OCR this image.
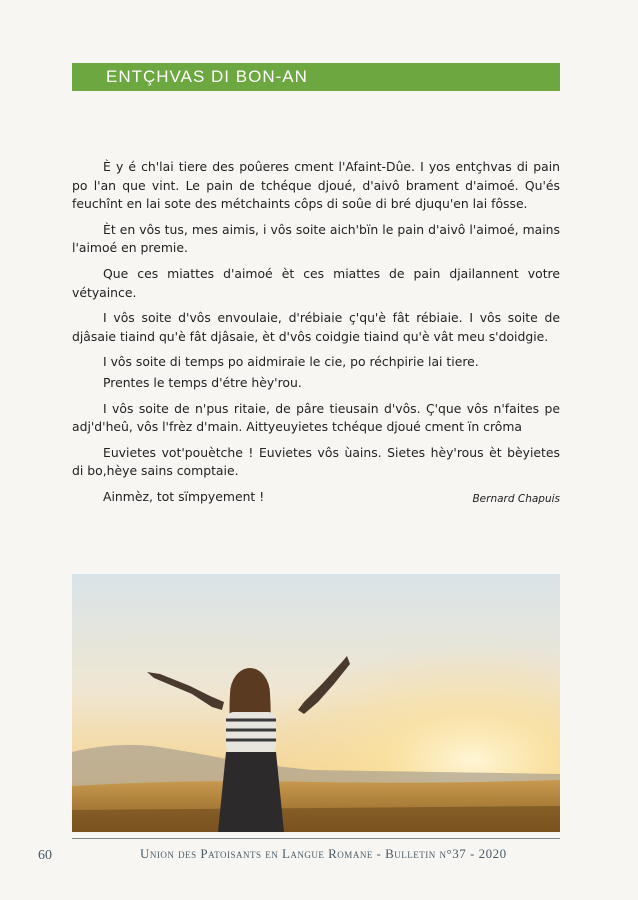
ENTÇHVAS DI BON-AN

È y é ch'lai tiere des poûeres cment l'Afaint-Dûe. I yos entçhvas di pain po l'an que vint. Le pain de tchéque djoué, d'aivô brament d'aimoé. Qu'és feuchînt en lai sote des métchaints côps di soûe di bré djuqu'en lai fôsse.

Èt en vôs tus, mes aimis, i vôs soite aich'bïn le pain d'aivô l'aimoé, mains l'aimoé en premie.

Que ces miattes d'aimoé èt ces miattes de pain djailannent votre vétyaince.

I vôs soite d'vôs envoulaie, d'rébiaie ç'qu'è fât rébiaie. I vôs soite de djâsaie tiaind qu'è fât djâsaie, èt d'vôs coidgie tiaind qu'è vât meu s'doidgie.

I vôs soite di temps po aidmiraie le cie, po réchpirie lai tiere.

Prentes le temps d'étre hèy'rou.

I vôs soite de n'pus ritaie, de pâre tieusain d'vôs. Ç'que vôs n'faites pe adj'd'heû, vôs l'frèz d'main. Aittyeuyietes tchéque djoué cment ïn crôma

Euvietes vot'pouètche ! Euvietes vôs ùains. Sietes hèy'rous èt bèyietes di bo,hèye sains comptaie.

Ainmèz, tot sïmpyement !	Bernard Chapuis
60	Union des Patoisants en Langue Romane - Bulletin n°37 - 2020
